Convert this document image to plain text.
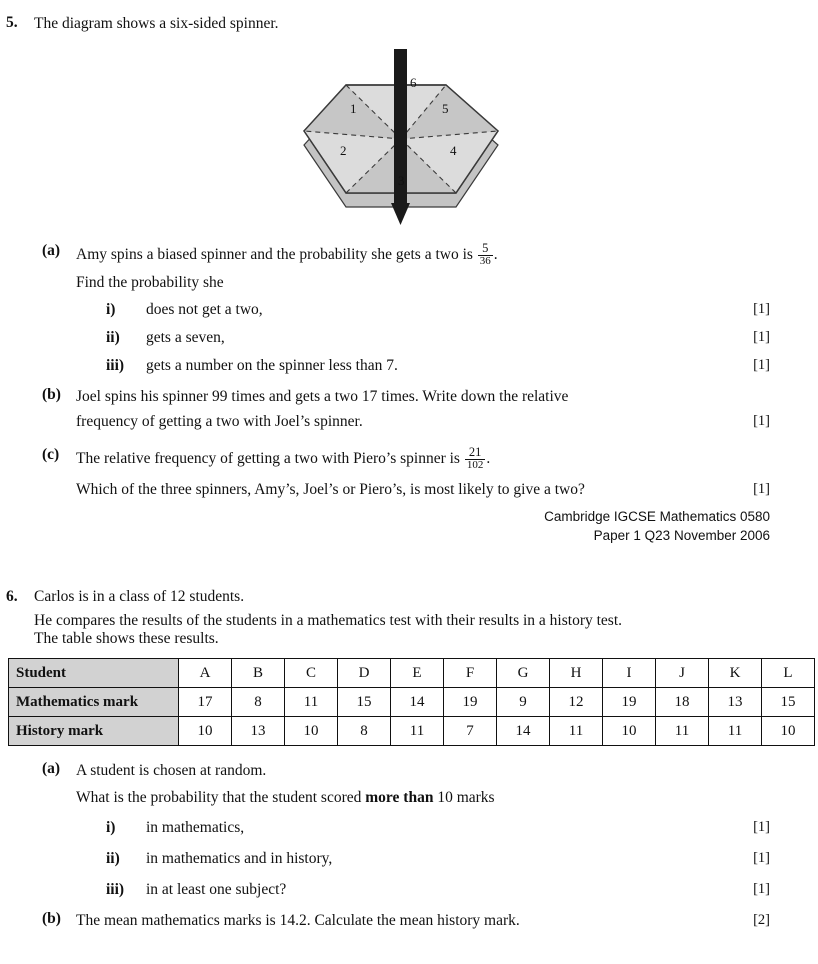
5.	The diagram shows a six-sided spinner.
1
2
3
4
5
6
(a)	Amy spins a biased spinner and the probability she gets a two is $\frac{5}{36}$ .
Find the probability she
i)	does not get a two,	[1]
ii)	gets a seven,	[1]
iii)	gets a number on the spinner less than 7.	[1]
(b) Joel spins his spinner 99 times and gets a two 17 times. Write down the relative
frequency of getting a two with Joel’s spinner.	[1]
(c)	The relative frequency of getting a two with Piero’s spinner is $\frac{21}{102}$ .
Which of the three spinners, Amy’s, Joel’s or Piero’s, is most likely to give a two?	[1]
Cambridge IGCSE Mathematics 0580
Paper 1 Q23 November 2006
6.	Carlos is in a class of 12 students.
He compares the results of the students in a mathematics test with their results in a history test.
The table shows these results.
Student	A	B	C	D	E	F	G	H	I	J	K	L
Mathematics mark	17	8	11	15	14	19	9	12	19	18	13	15
History mark	10	13	10	8	11	7	14	11	10	11	11	10
(a)	A student is chosen at random.
What is the probability that the student scored more than 10 marks
i)	in mathematics,	[1]
ii)	in mathematics and in history,	[1]
iii)	in at least one subject?	[1]
(b) The mean mathematics marks is 14.2. Calculate the mean history mark.	[2]
